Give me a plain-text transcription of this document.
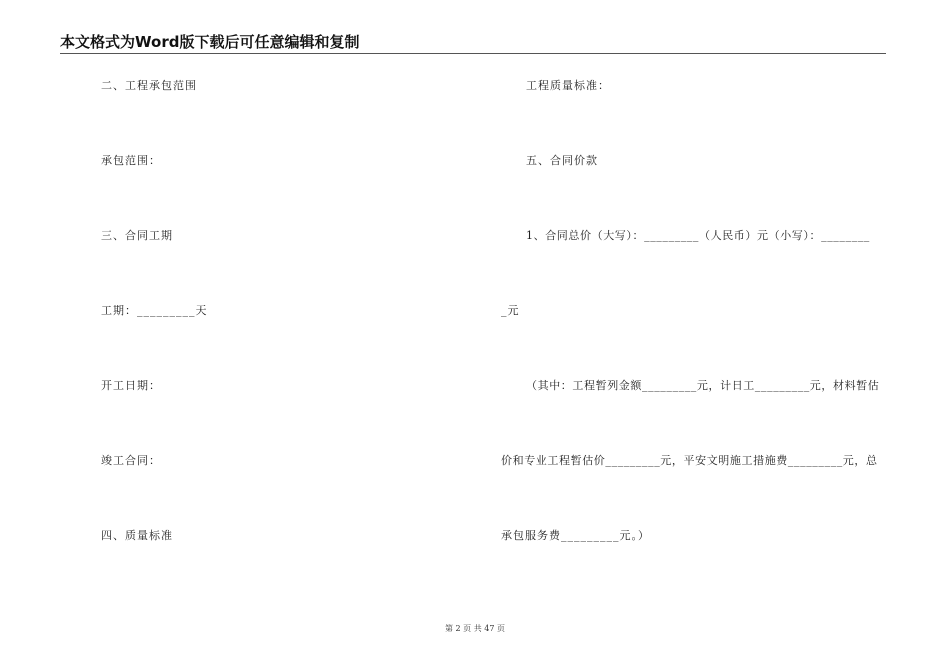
本文格式为Word版下载后可任意编辑和复制
二、工程承包范围
承包范围：
三、合同工期
工期：_________天
开工日期：
竣工合同：
四、质量标准
工程质量标准：
五、合同价款
1、合同总价（大写）：_________（人民币）元（小写）：________
_元
（其中：工程暂列金额_________元，计日工_________元，材料暂估
价和专业工程暂估价_________元，平安文明施工措施费_________元，总
承包服务费_________元。）
第 2 页 共 47 页
